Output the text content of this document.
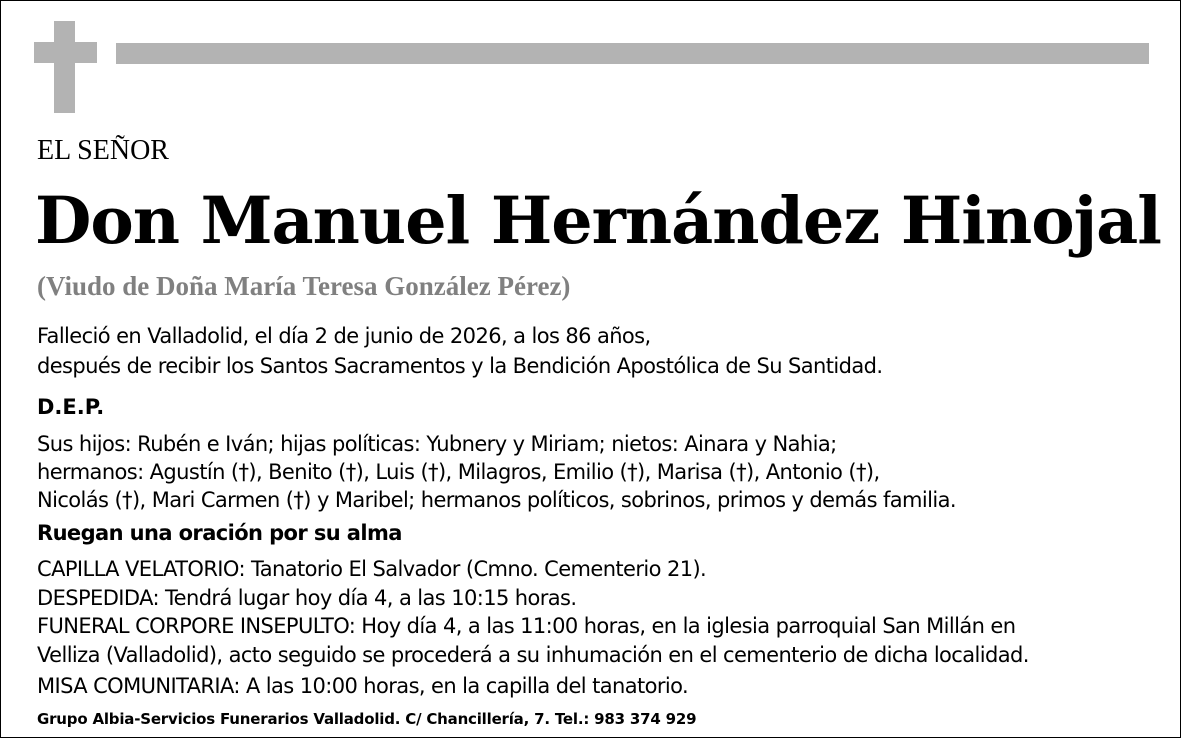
EL SEÑOR
Don Manuel Hernández Hinojal
(Viudo de Doña María Teresa González Pérez)
Falleció en Valladolid, el día 2 de junio de 2026, a los 86 años,
después de recibir los Santos Sacramentos y la Bendición Apostólica de Su Santidad.
D.E.P.
Sus hijos: Rubén e Iván; hijas políticas: Yubnery y Miriam; nietos: Ainara y Nahia;
hermanos: Agustín (†), Benito (†), Luis (†), Milagros, Emilio (†), Marisa (†), Antonio (†),
Nicolás (†), Mari Carmen (†) y Maribel; hermanos políticos, sobrinos, primos y demás familia.
Ruegan una oración por su alma
CAPILLA VELATORIO: Tanatorio El Salvador (Cmno. Cementerio 21).
DESPEDIDA: Tendrá lugar hoy día 4, a las 10:15 horas.
FUNERAL CORPORE INSEPULTO: Hoy día 4, a las 11:00 horas, en la iglesia parroquial San Millán en
Velliza (Valladolid), acto seguido se procederá a su inhumación en el cementerio de dicha localidad.
MISA COMUNITARIA: A las 10:00 horas, en la capilla del tanatorio.
Grupo Albia-Servicios Funerarios Valladolid. C/ Chancillería, 7. Tel.: 983 374 929
